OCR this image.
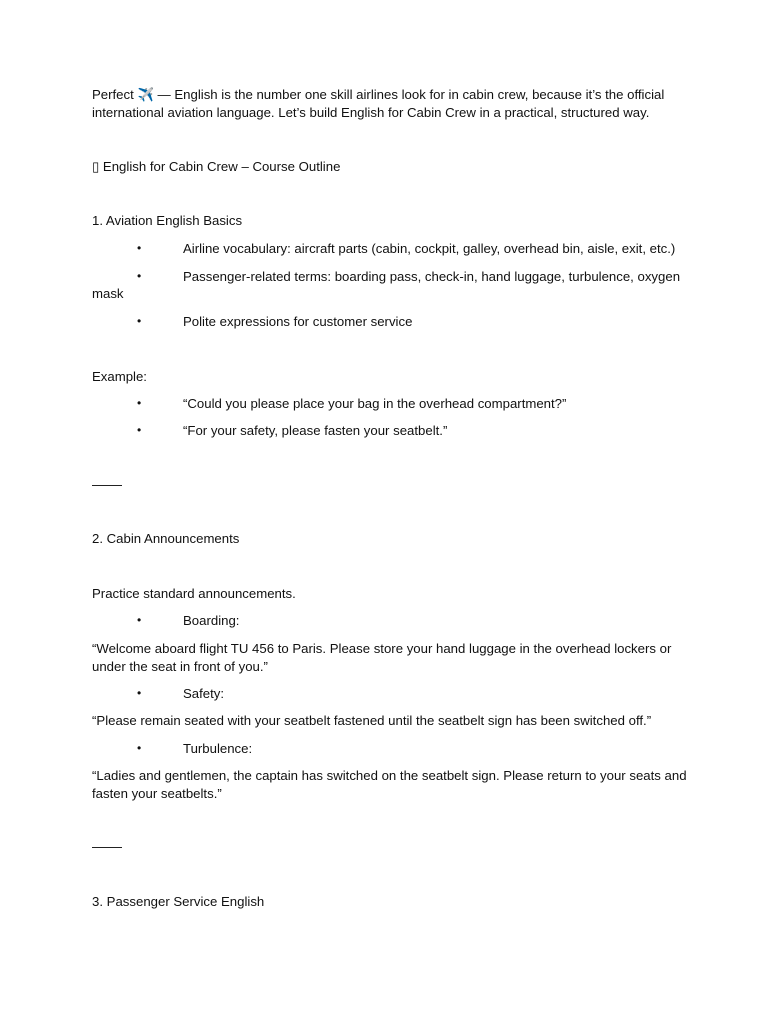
Perfect ✈️ — English is the number one skill airlines look for in cabin crew, because it’s the official international aviation language. Let’s build English for Cabin Crew in a practical, structured way.
▯ English for Cabin Crew – Course Outline
1. Aviation English Basics
•	Airline vocabulary: aircraft parts (cabin, cockpit, galley, overhead bin, aisle, exit, etc.)
•	Passenger-related terms: boarding pass, check-in, hand luggage, turbulence, oxygen
mask
•	Polite expressions for customer service
Example:
•	“Could you please place your bag in the overhead compartment?”
•	“For your safety, please fasten your seatbelt.”
2. Cabin Announcements
Practice standard announcements.
•	Boarding:
“Welcome aboard flight TU 456 to Paris. Please store your hand luggage in the overhead lockers or under the seat in front of you.”
•	Safety:
“Please remain seated with your seatbelt fastened until the seatbelt sign has been switched off.”
•	Turbulence:
“Ladies and gentlemen, the captain has switched on the seatbelt sign. Please return to your seats and fasten your seatbelts.”
3. Passenger Service English
